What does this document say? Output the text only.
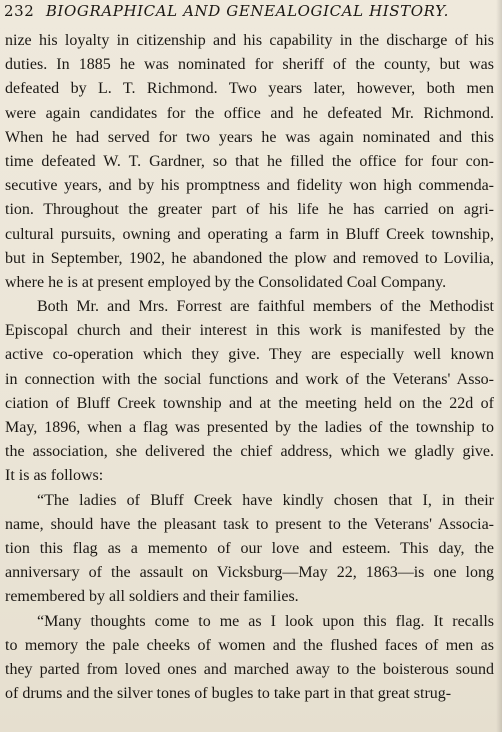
232 BIOGRAPHICAL AND GENEALOGICAL HISTORY.
nize his loyalty in citizenship and his capability in the discharge of his
duties. In 1885 he was nominated for sheriff of the county, but was
defeated by L. T. Richmond. Two years later, however, both men
were again candidates for the office and he defeated Mr. Richmond.
When he had served for two years he was again nominated and this
time defeated W. T. Gardner, so that he filled the office for four con-
secutive years, and by his promptness and fidelity won high commenda-
tion. Throughout the greater part of his life he has carried on agri-
cultural pursuits, owning and operating a farm in Bluff Creek township,
but in September, 1902, he abandoned the plow and removed to Lovilia,
where he is at present employed by the Consolidated Coal Company.
Both Mr. and Mrs. Forrest are faithful members of the Methodist
Episcopal church and their interest in this work is manifested by the
active co-operation which they give. They are especially well known
in connection with the social functions and work of the Veterans' Asso-
ciation of Bluff Creek township and at the meeting held on the 22d of
May, 1896, when a flag was presented by the ladies of the township to
the association, she delivered the chief address, which we gladly give.
It is as follows:
“The ladies of Bluff Creek have kindly chosen that I, in their
name, should have the pleasant task to present to the Veterans' Associa-
tion this flag as a memento of our love and esteem. This day, the
anniversary of the assault on Vicksburg—May 22, 1863—is one long
remembered by all soldiers and their families.
“Many thoughts come to me as I look upon this flag. It recalls
to memory the pale cheeks of women and the flushed faces of men as
they parted from loved ones and marched away to the boisterous sound
of drums and the silver tones of bugles to take part in that great strug-
